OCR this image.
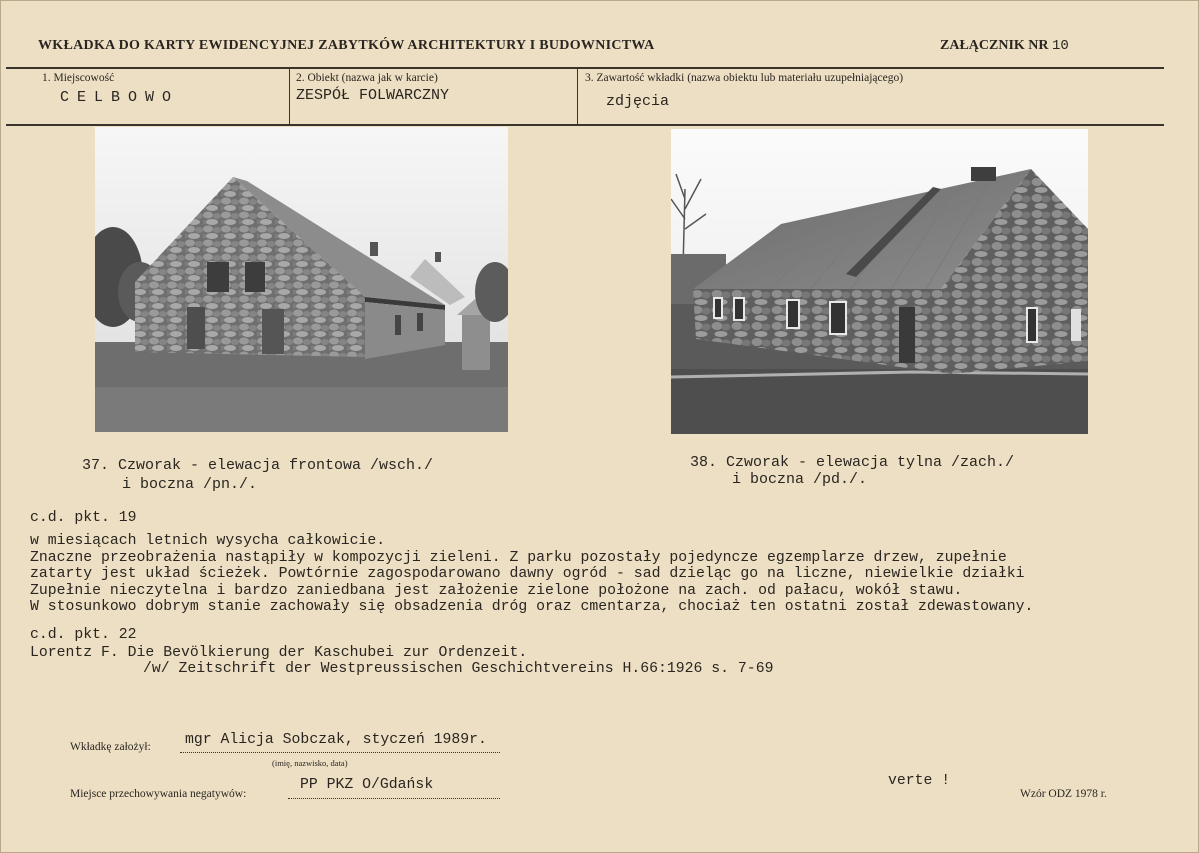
WKŁADKA DO KARTY EWIDENCYJNEJ ZABYTKÓW ARCHITEKTURY I BUDOWNICTWA	ZAŁĄCZNIK NR 10
1. Miejscowość
CELBOWO
2. Obiekt (nazwa jak w karcie)
ZESPÓŁ FOLWARCZNY
3. Zawartość wkładki (nazwa obiektu lub materiału uzupełniającego)
zdjęcia
37. Czworak - elewacja frontowa /wsch./
i boczna /pn./.
38. Czworak - elewacja tylna /zach./
i boczna /pd./.
c.d. pkt. 19
w miesiącach letnich wysycha całkowicie.
Znaczne przeobrażenia nastąpiły w kompozycji zieleni. Z parku pozostały pojedyncze egzemplarze drzew, zupełnie
zatarty jest układ ścieżek. Powtórnie zagospodarowano dawny ogród - sad dzieląc go na liczne, niewielkie działki
Zupełnie nieczytelna i bardzo zaniedbana jest założenie zielone położone na zach. od pałacu, wokół stawu.
W stosunkowo dobrym stanie zachowały się obsadzenia dróg oraz cmentarza, chociaż ten ostatni został zdewastowany.
c.d. pkt. 22
Lorentz F. Die Bevölkierung der Kaschubei zur Ordenzeit.
/w/ Zeitschrift der Westpreussischen Geschichtvereins H.66:1926 s. 7-69
Wkładkę założył: mgr Alicja Sobczak, styczeń 1989r.
(imię, nazwisko, data)
Miejsce przechowywania negatywów:
PP PKZ O/Gdańsk	verte !
Wzór ODZ 1978 r.
